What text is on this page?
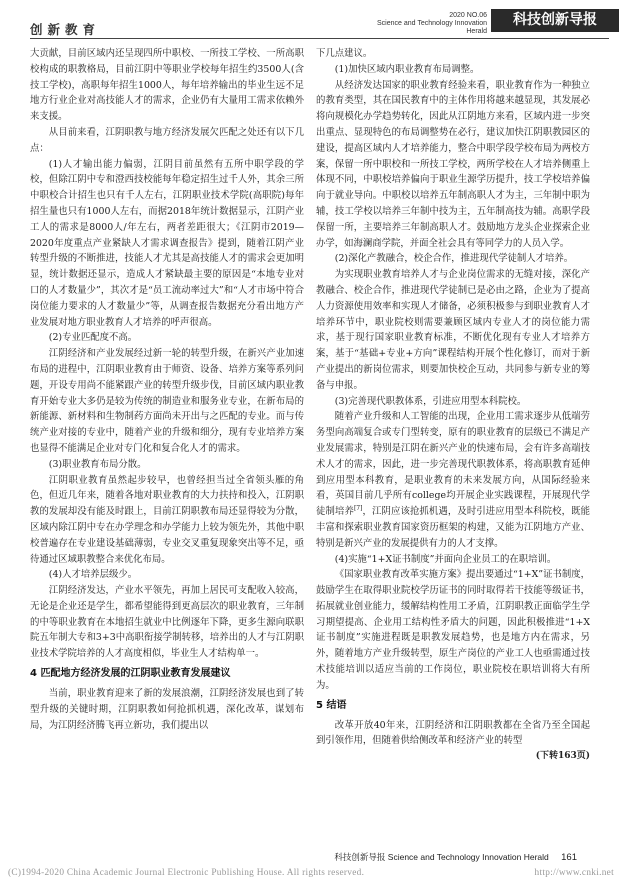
创新教育
2020 NO.06
Science and Technology Innovation Herald
科技创新导报

大贡献，目前区域内还呈现四所中职校、一所技工学校、一所高职校构成的职教格局，目前江阴中等职业学校每年招生约3500人(含技工学校)，高职每年招生1000人，每年培养输出的毕业生远不足地方行业企业对高技能人才的需求，企业仍有大量用工需求依赖外来支援。

从目前来看，江阴职教与地方经济发展欠匹配之处还有以下几点：

(1)人才输出能力偏弱，江阴目前虽然有五所中职学段的学校，但除江阴中专和澄西技校能每年稳定招生过千人外，其余三所中职校合计招生也只有千人左右，江阴职业技术学院(高职院)每年招生量也只有1000人左右，而据2018年统计数据显示，江阴产业工人的需求是8000人/年左右，两者差距很大；《江阴市2019—2020年度重点产业紧缺人才需求调查报告》提到，随着江阴产业转型升级的不断推进，技能人才尤其是高技能人才的需求会更加明显，统计数据还显示，造成人才紧缺最主要的原因是“本地专业对口的人才数量少”，其次才是“员工流动率过大”和“人才市场中符合岗位能力要求的人才数量少”等，从调查报告数据充分看出地方产业发展对地方职业教育人才培养的呼声很高。

(2)专业匹配度不高。

江阴经济和产业发展经过新一轮的转型升级，在新兴产业加速布局的进程中，江阴职业教育由于师资、设备、培养方案等系列问题，开设专用尚不能紧跟产业的转型升级步伐，目前区域内职业教育开始专业大多仍是较为传统的制造业和服务业专业，在新布局的新能源、新材料和生物制药方面尚未开出与之匹配的专业。而与传统产业对接的专业中，随着产业的升级和细分，现有专业培养方案也显得不能满足企业对专门化和复合化人才的需求。

(3)职业教育布局分散。

江阴职业教育虽然起步较早，也曾经担当过全省领头雁的角色，但近几年来，随着各地对职业教育的大力扶持和投入，江阴职教的发展却没有能及时跟上，目前江阴职教布局还显得较为分散，区域内除江阴中专在办学理念和办学能力上较为领先外，其他中职校普遍存在专业建设基础薄弱，专业交叉重复现象突出等不足，亟待通过区域职教整合来优化布局。

(4)人才培养层级少。

江阴经济发达，产业水平领先，再加上居民可支配收入较高，无论是企业还是学生，都希望能得到更高层次的职业教育，三年制的中等职业教育在本地招生就业中比例逐年下降，更多生源向联职院五年制大专和3+3中高职衔接学制转移，培养出的人才与江阴职业技术学院培养的人才高度相似，毕业生人才结构单一。

4 匹配地方经济发展的江阴职业教育发展建议

当前，职业教育迎来了新的发展浪潮，江阴经济发展也到了转型升级的关键时期，江阴职教如何抢抓机遇，深化改革，谋划布局，为江阴经济腾飞再立新功，我们提出以

下几点建议。

(1)加快区域内职业教育布局调整。

从经济发达国家的职业教育经验来看，职业教育作为一种独立的教育类型，其在国民教育中的主体作用将越来越显现，其发展必将向规模化办学趋势转化，因此从江阴地方来看，区域内进一步突出重点、显现特色的布局调整势在必行，建议加快江阴职教园区的建设，提高区域内人才培养能力，整合中职学段学校布局为两校方案，保留一所中职校和一所技工学校，两所学校在人才培养侧重上体现不同，中职校培养偏向于职业生源学历提升，技工学校培养偏向于就业导向。中职校以培养五年制高职人才为主，三年制中职为辅，技工学校以培养三年制中技为主，五年制高技为辅。高职学段保留一所，主要培养三年制高职人才。鼓励地方龙头企业探索企业办学，如海澜商学院，并面全社会具有等同学力的人员入学。

(2)深化产教融合，校企合作，推进现代学徒制人才培养。

为实现职业教育培养人才与企业岗位需求的无缝对接，深化产教融合、校企合作，推进现代学徒制已是必由之路，企业为了提高人力资源使用效率和实现人才储备，必须积极参与到职业教育人才培养环节中，职业院校则需要兼顾区域内专业人才的岗位能力需求，基于现行国家职业教育标准，不断优化现有专业人才培养方案，基于“基础+专业+方向”课程结构开展个性化修订，而对于新产业提出的新岗位需求，则要加快校企互动，共同参与新专业的筹备与申报。

(3)完善现代职教体系，引进应用型本科院校。

随着产业升级和人工智能的出现，企业用工需求逐步从低端劳务型向高端复合或专门型转变，原有的职业教育的层级已不满足产业发展需求，特别是江阴在新兴产业的快速布局，会有许多高端技术人才的需求，因此，进一步完善现代职教体系，将高职教育延伸到应用型本科教育，是职业教育的未来发展方向，从国际经验来看，英国目前几乎所有college均开展企业实践课程，开展现代学徒制培养[7]，江阴应该抢抓机遇，及时引进应用型本科院校，既能丰富和探索职业教育国家资历框架的构建，又能为江阴地方产业、特别是新兴产业的发展提供有力的人才支撑。

(4)实施“1+X证书制度”并面向企业员工的在职培训。

《国家职业教育改革实施方案》提出要通过“1+X”证书制度，鼓励学生在取得职业院校学历证书的同时取得若干技能等级证书，拓展就业创业能力，缓解结构性用工矛盾，江阴职教正面临学生学习期望提高、企业用工结构性矛盾大的问题，因此积极推进“1+X证书制度”实施进程既是职教发展趋势，也是地方内在需求，另外，随着地方产业升级转型，原生产岗位的产业工人也亟需通过技术技能培训以适应当前的工作岗位，职业院校在职培训将大有所为。

5 结语

改革开放40年来，江阴经济和江阴职教都在全省乃至全国起到引领作用，但随着供给侧改革和经济产业的转型

(下转163页)
科技创新导报 Science and Technology Innovation Herald 161
(C)1994-2020 China Academic Journal Electronic Publishing House. All rights reserved.	http://www.cnki.net
